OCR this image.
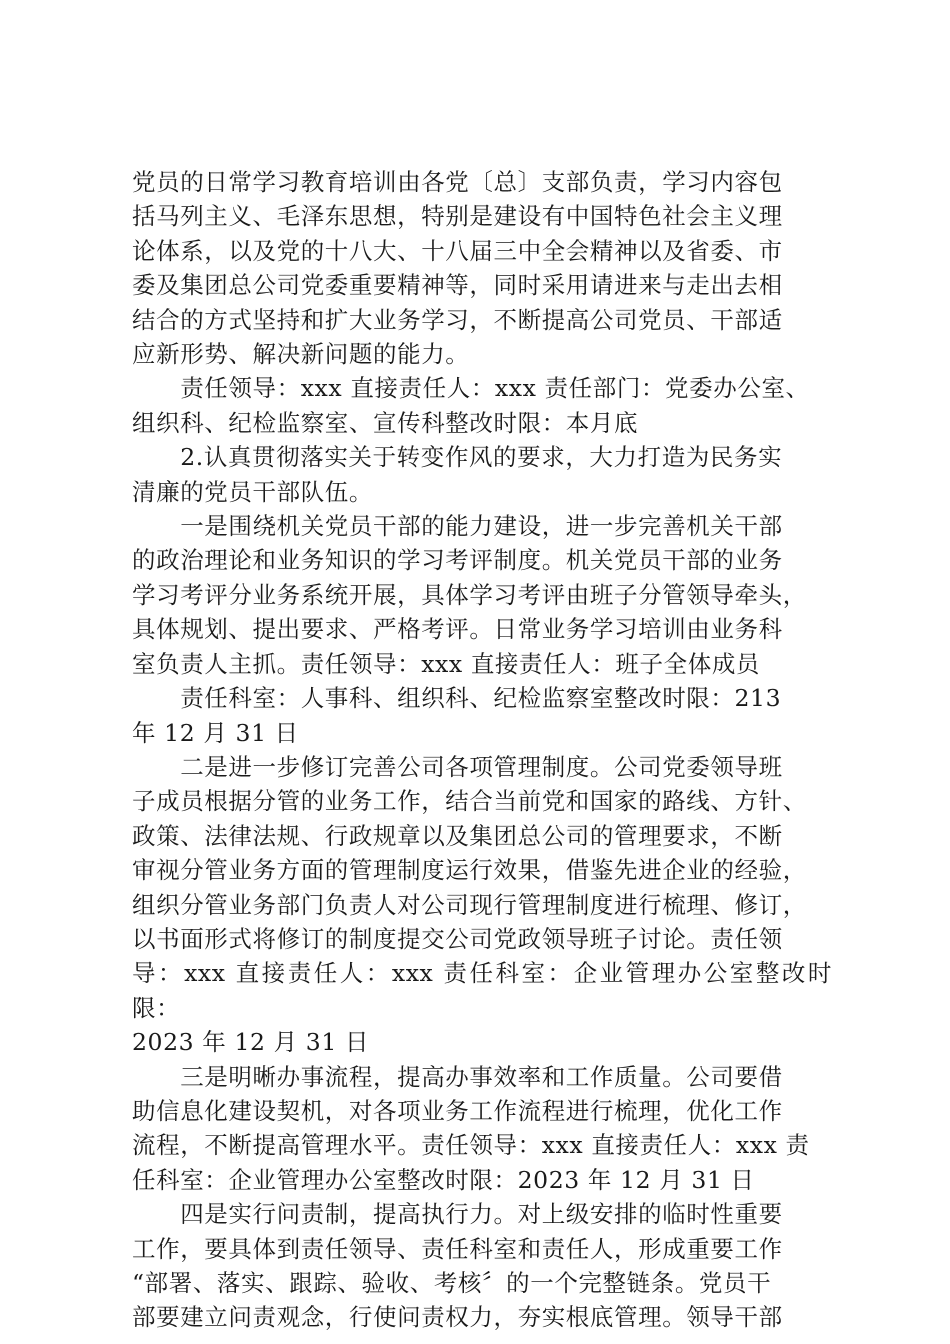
党员的日常学习教育培训由各党〔总〕支部负责，学习内容包
括马列主义、毛泽东思想，特别是建设有中国特色社会主义理
论体系，以及党的十八大、十八届三中全会精神以及省委、市
委及集团总公司党委重要精神等，同时采用请进来与走出去相
结合的方式坚持和扩大业务学习，不断提高公司党员、干部适
应新形势、解决新问题的能力。

　　责任领导：xxx 直接责任人：xxx 责任部门：党委办公室、
组织科、纪检监察室、宣传科整改时限：本月底

　　2.认真贯彻落实关于转变作风的要求，大力打造为民务实
清廉的党员干部队伍。

　　一是围绕机关党员干部的能力建设，进一步完善机关干部
的政治理论和业务知识的学习考评制度。机关党员干部的业务
学习考评分业务系统开展，具体学习考评由班子分管领导牵头，
具体规划、提出要求、严格考评。日常业务学习培训由业务科
室负责人主抓。责任领导：xxx 直接责任人：班子全体成员

　　责任科室：人事科、组织科、纪检监察室整改时限：213
年 12 月 31 日

　　二是进一步修订完善公司各项管理制度。公司党委领导班
子成员根据分管的业务工作，结合当前党和国家的路线、方针、
政策、法律法规、行政规章以及集团总公司的管理要求，不断
审视分管业务方面的管理制度运行效果，借鉴先进企业的经验，
组织分管业务部门负责人对公司现行管理制度进行梳理、修订，
以书面形式将修订的制度提交公司党政领导班子讨论。责任领
导：xxx 直接责任人：xxx 责任科室：企业管理办公室整改时限：
2023 年 12 月 31 日

　　三是明晰办事流程，提高办事效率和工作质量。公司要借
助信息化建设契机，对各项业务工作流程进行梳理，优化工作
流程，不断提高管理水平。责任领导：xxx 直接责任人：xxx 责
任科室：企业管理办公室整改时限：2023 年 12 月 31 日

　　四是实行问责制，提高执行力。对上级安排的临时性重要
工作，要具体到责任领导、责任科室和责任人，形成重要工作
“部署、落实、跟踪、验收、考核〞的一个完整链条。党员干
部要建立问责观念，行使问责权力，夯实根底管理。领导干部
